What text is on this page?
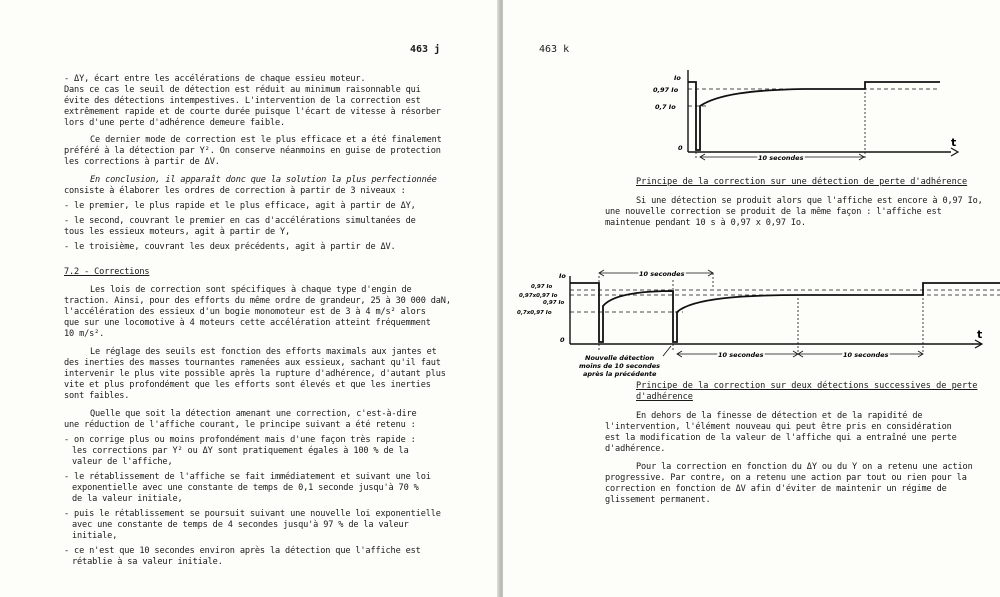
463 j
- ΔY, écart entre les accélérations de chaque essieu moteur.
Dans ce cas le seuil de détection est réduit au minimum raisonnable qui
évite des détections intempestives. L'intervention de la correction est
extrêmement rapide et de courte durée puisque l'écart de vitesse à résorber
lors d'une perte d'adhérence demeure faible.
Ce dernier mode de correction est le plus efficace et a été finalement
préféré à la détection par Y². On conserve néanmoins en guise de protection
les corrections à partir de ΔV.
En conclusion, il apparaît donc que la solution la plus perfectionnée
consiste à élaborer les ordres de correction à partir de 3 niveaux :
- le premier, le plus rapide et le plus efficace, agit à partir de ΔY,
- le second, couvrant le premier en cas d'accélérations simultanées de
tous les essieux moteurs, agit à partir de Y,
- le troisième, couvrant les deux précédents, agit à partir de ΔV.
7.2 - Corrections
Les lois de correction sont spécifiques à chaque type d'engin de
traction. Ainsi, pour des efforts du même ordre de grandeur, 25 à 30 000 daN,
l'accélération des essieux d'un bogie monomoteur est de 3 à 4 m/s² alors
que sur une locomotive à 4 moteurs cette accélération atteint fréquemment
10 m/s².
Le réglage des seuils est fonction des efforts maximals aux jantes et
des inerties des masses tournantes ramenées aux essieux, sachant qu'il faut
intervenir le plus vite possible après la rupture d'adhérence, d'autant plus
vite et plus profondément que les efforts sont élevés et que les inerties
sont faibles.
Quelle que soit la détection amenant une correction, c'est-à-dire
une réduction de l'affiche courant, le principe suivant a été retenu :
- on corrige plus ou moins profondément mais d'une façon très rapide :
les corrections par Y² ou ΔY sont pratiquement égales à 100 % de la
valeur de l'affiche,
- le rétablissement de l'affiche se fait immédiatement et suivant une loi
exponentielle avec une constante de temps de 0,1 seconde jusqu'à 70 %
de la valeur initiale,
- puis le rétablissement se poursuit suivant une nouvelle loi exponentielle
avec une constante de temps de 4 secondes jusqu'à 97 % de la valeur
initiale,
- ce n'est que 10 secondes environ après la détection que l'affiche est
rétablie à sa valeur initiale.
463 k
Io
0,97 Io
0,7 Io
0	t
10 secondes
Io
0,97 Io
0,97x0,97 Io
0,97 Io
0,7x0,97 Io
0	t
10 secondes
10 secondes	10 secondes
Nouvelle détection
moins de 10 secondes
après la précédente
Principe de la correction sur une détection de perte d'adhérence
Si une détection se produit alors que l'affiche est encore à 0,97 Io,
une nouvelle correction se produit de la même façon : l'affiche est
maintenue pendant 10 s à 0,97 x 0,97 Io.
Principe de la correction sur deux détections successives de perte
d'adhérence
En dehors de la finesse de détection et de la rapidité de
l'intervention, l'élément nouveau qui peut être pris en considération
est la modification de la valeur de l'affiche qui a entraîné une perte
d'adhérence.
Pour la correction en fonction du ΔY ou du Y on a retenu une action
progressive. Par contre, on a retenu une action par tout ou rien pour la
correction en fonction de ΔV afin d'éviter de maintenir un régime de
glissement permanent.
